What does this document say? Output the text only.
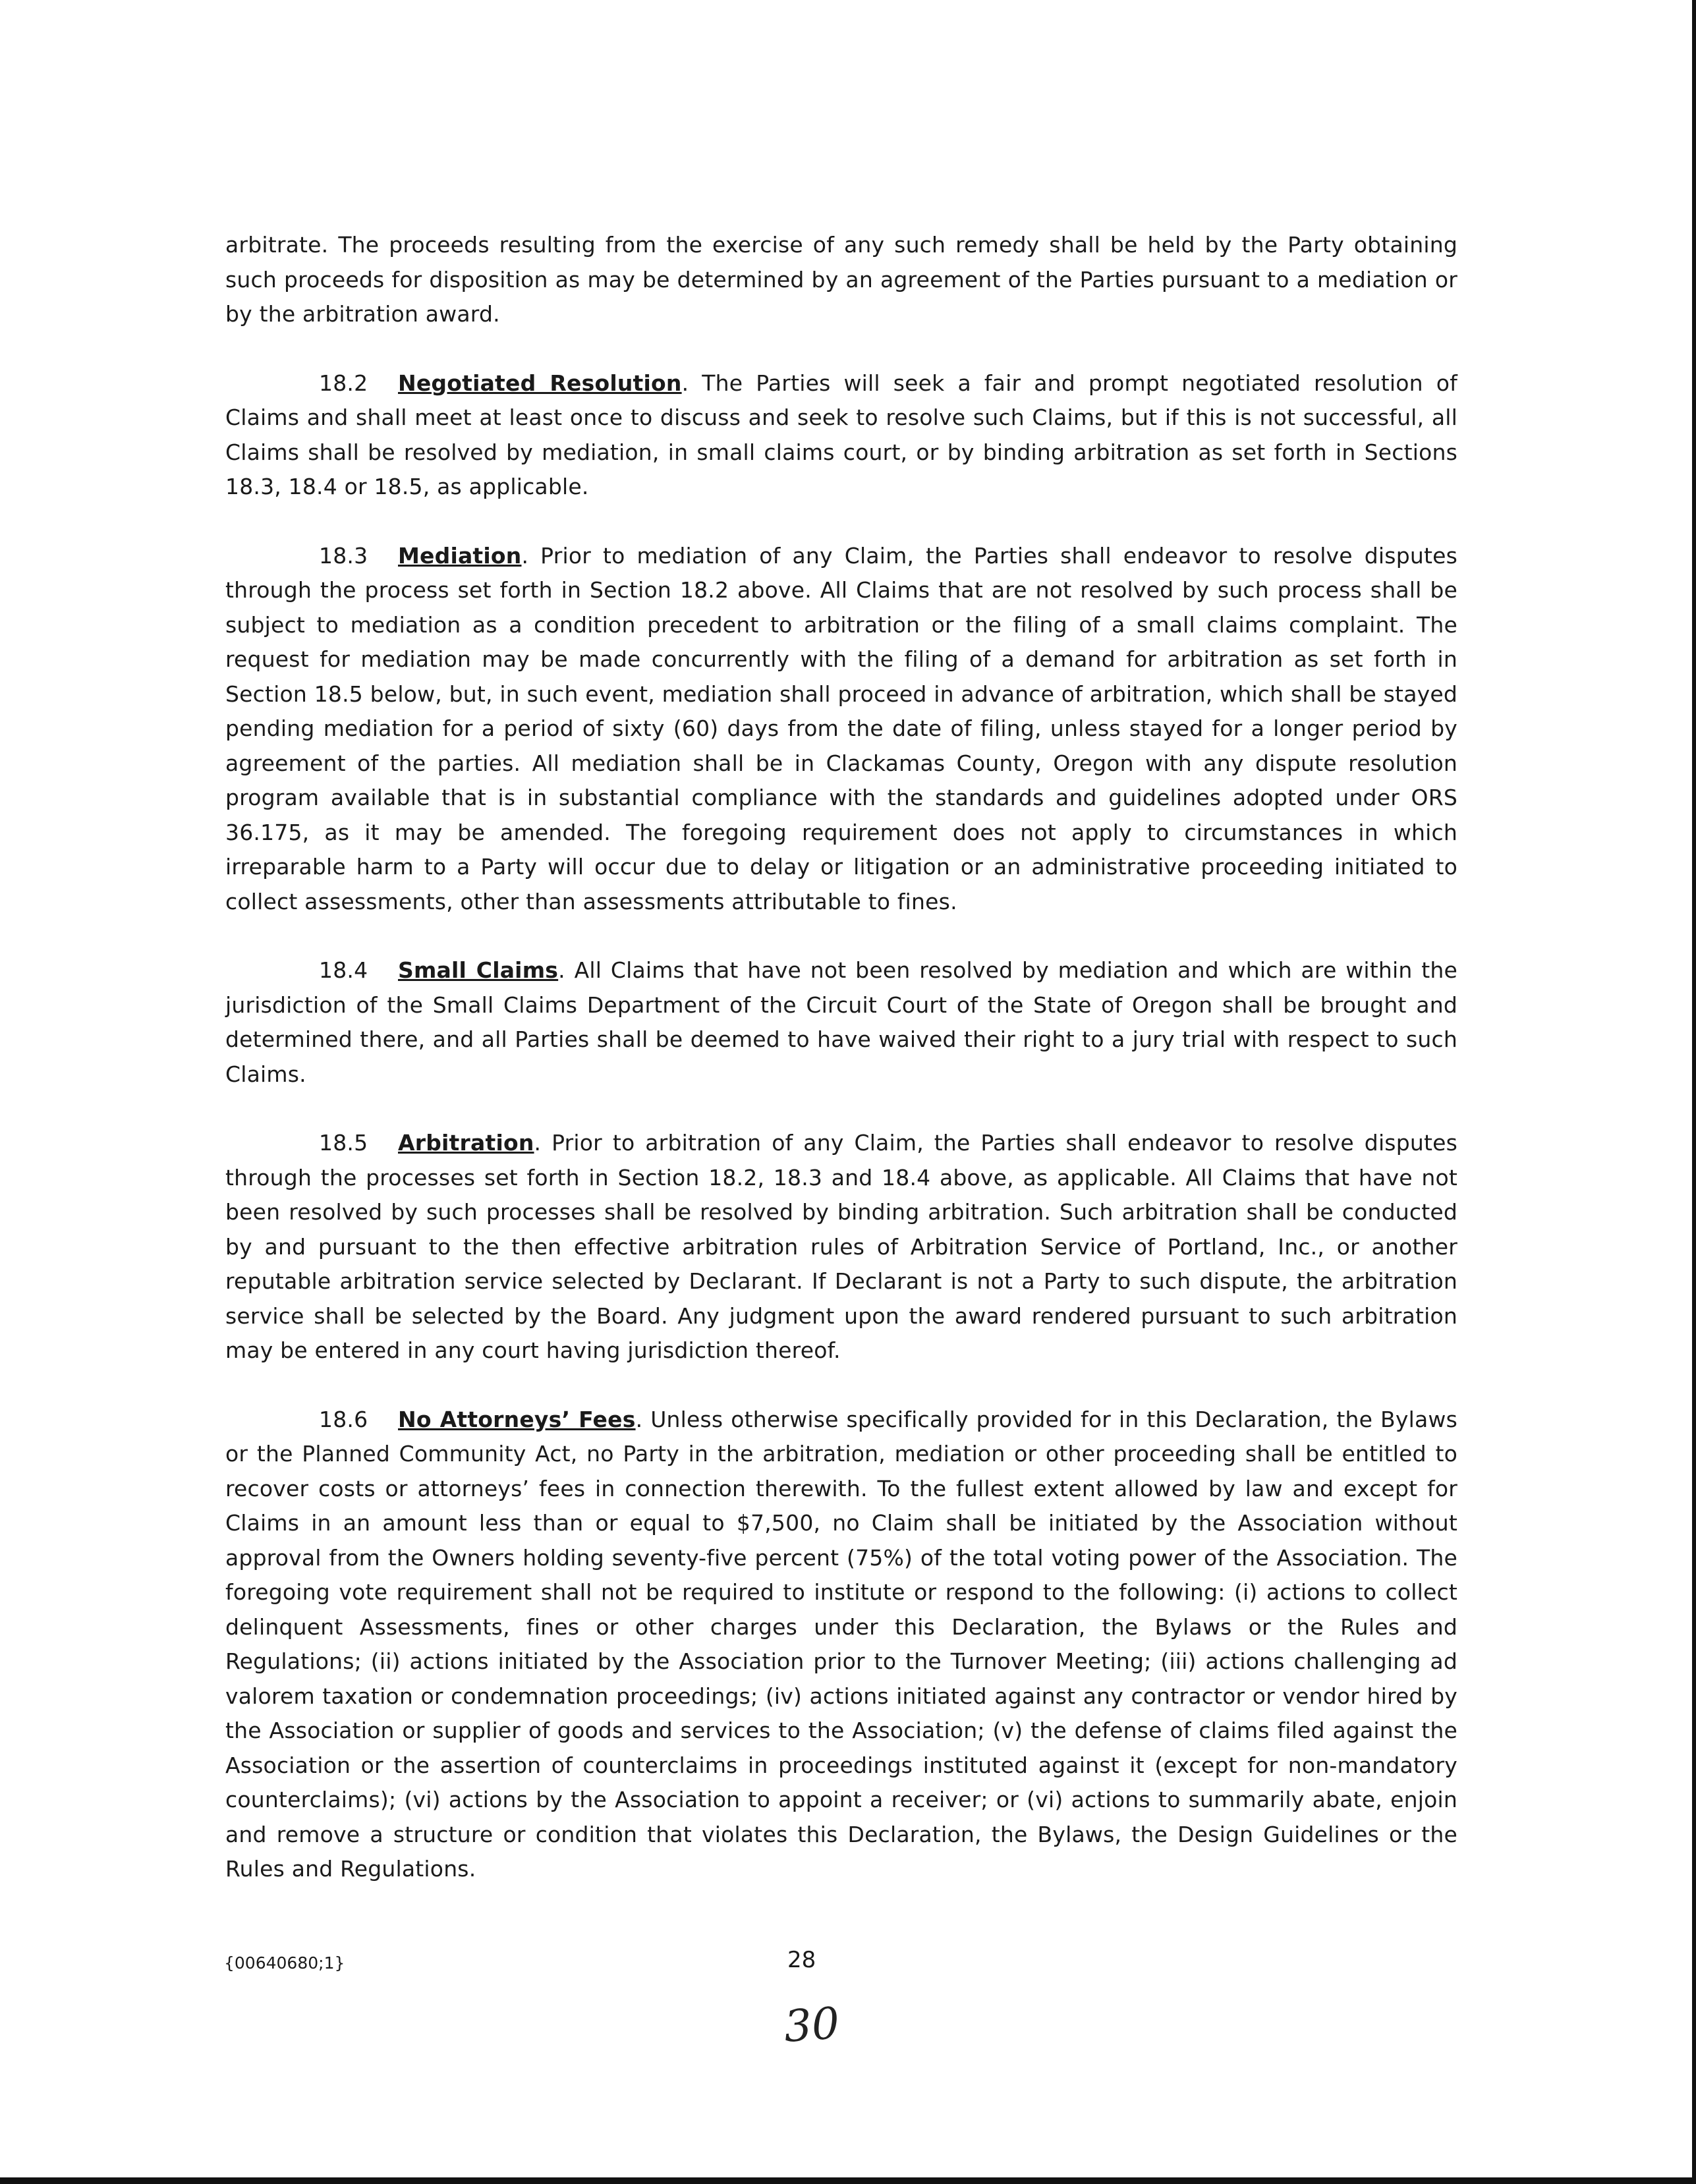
arbitrate. The proceeds resulting from the exercise of any such remedy shall be held by the Party obtaining such proceeds for disposition as may be determined by an agreement of the Parties pursuant to a mediation or by the arbitration award.

18.2 Negotiated Resolution. The Parties will seek a fair and prompt negotiated resolution of Claims and shall meet at least once to discuss and seek to resolve such Claims, but if this is not successful, all Claims shall be resolved by mediation, in small claims court, or by binding arbitration as set forth in Sections 18.3, 18.4 or 18.5, as applicable.

18.3 Mediation. Prior to mediation of any Claim, the Parties shall endeavor to resolve disputes through the process set forth in Section 18.2 above. All Claims that are not resolved by such process shall be subject to mediation as a condition precedent to arbitration or the filing of a small claims complaint. The request for mediation may be made concurrently with the filing of a demand for arbitration as set forth in Section 18.5 below, but, in such event, mediation shall proceed in advance of arbitration, which shall be stayed pending mediation for a period of sixty (60) days from the date of filing, unless stayed for a longer period by agreement of the parties. All mediation shall be in Clackamas County, Oregon with any dispute resolution program available that is in substantial compliance with the standards and guidelines adopted under ORS 36.175, as it may be amended. The foregoing requirement does not apply to circumstances in which irreparable harm to a Party will occur due to delay or litigation or an administrative proceeding initiated to collect assessments, other than assessments attributable to fines.

18.4 Small Claims. All Claims that have not been resolved by mediation and which are within the jurisdiction of the Small Claims Department of the Circuit Court of the State of Oregon shall be brought and determined there, and all Parties shall be deemed to have waived their right to a jury trial with respect to such Claims.

18.5 Arbitration. Prior to arbitration of any Claim, the Parties shall endeavor to resolve disputes through the processes set forth in Section 18.2, 18.3 and 18.4 above, as applicable. All Claims that have not been resolved by such processes shall be resolved by binding arbitration. Such arbitration shall be conducted by and pursuant to the then effective arbitration rules of Arbitration Service of Portland, Inc., or another reputable arbitration service selected by Declarant. If Declarant is not a Party to such dispute, the arbitration service shall be selected by the Board. Any judgment upon the award rendered pursuant to such arbitration may be entered in any court having jurisdiction thereof.

18.6 No Attorneys’ Fees. Unless otherwise specifically provided for in this Declaration, the Bylaws or the Planned Community Act, no Party in the arbitration, mediation or other proceeding shall be entitled to recover costs or attorneys’ fees in connection therewith. To the fullest extent allowed by law and except for Claims in an amount less than or equal to $7,500, no Claim shall be initiated by the Association without approval from the Owners holding seventy-five percent (75%) of the total voting power of the Association. The foregoing vote requirement shall not be required to institute or respond to the following: (i) actions to collect delinquent Assessments, fines or other charges under this Declaration, the Bylaws or the Rules and Regulations; (ii) actions initiated by the Association prior to the Turnover Meeting; (iii) actions challenging ad valorem taxation or condemnation proceedings; (iv) actions initiated against any contractor or vendor hired by the Association or supplier of goods and services to the Association; (v) the defense of claims filed against the Association or the assertion of counterclaims in proceedings instituted against it (except for non-mandatory counterclaims); (vi) actions by the Association to appoint a receiver; or (vi) actions to summarily abate, enjoin and remove a structure or condition that violates this Declaration, the Bylaws, the Design Guidelines or the Rules and Regulations.

{00640680;1}	28
30
